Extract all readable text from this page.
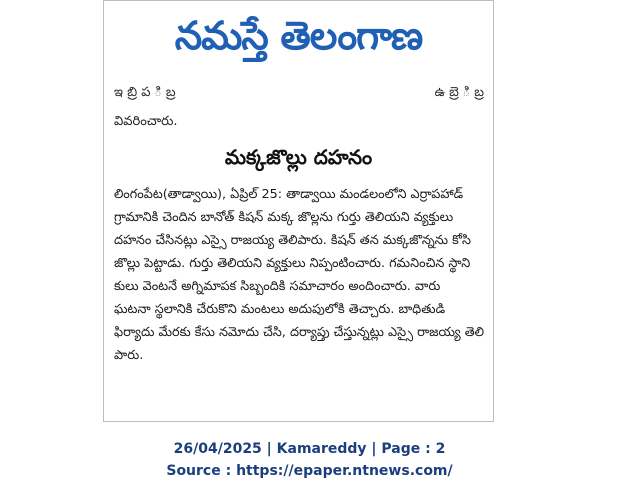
నమస్తే తెలంగాణ
ఇ బ్రి ప ి బ్ర	ఉ బ్రె ి బ్ర
వివరించారు.
మక్కజొల్లు దహనం
లింగంపేట(తాడ్వాయి), ఏప్రిల్ 25: తాడ్వాయి మండలంలోని ఎర్రాపహాడ్
గ్రామానికి చెందిన బానోత్ కిషన్ మక్క జొల్లను గుర్తు తెలియని వ్యక్తులు
దహనం చేసినట్లు ఎస్సై రాజయ్య తెలిపారు. కిషన్ తన మక్కజొన్నను కోసి
జొల్లు పెట్టాడు. గుర్తు తెలియని వ్యక్తులు నిప్పంటించారు. గమనించిన స్థాని
కులు వెంటనే అగ్నిమాపక సిబ్బందికి సమాచారం అందించారు. వారు
ఘటనా స్థలానికి చేరుకొని మంటలు అదుపులోకి తెచ్చారు. బాధితుడి
ఫిర్యాదు మేరకు కేసు నమోదు చేసి, దర్యాప్తు చేస్తున్నట్లు ఎస్సై రాజయ్య తెలి
పారు.
26/04/2025 | Kamareddy | Page : 2
Source : https://epaper.ntnews.com/
